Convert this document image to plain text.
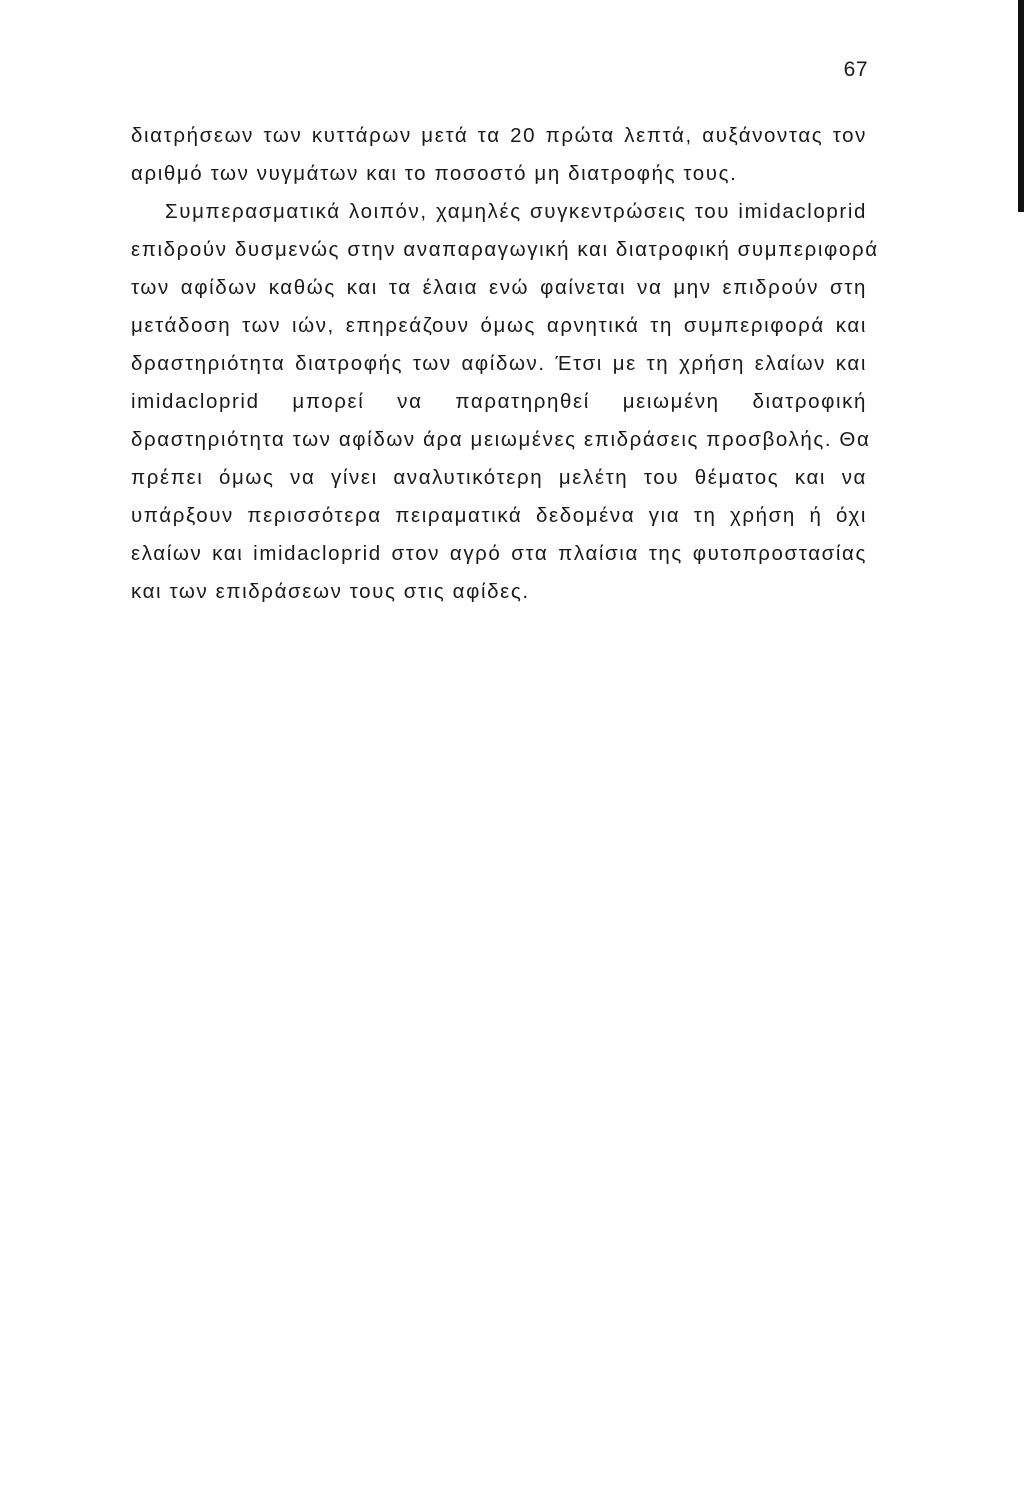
67
διατρήσεων των κυττάρων μετά τα 20 πρώτα λεπτά, αυξάνοντας τον
αριθμό των νυγμάτων και το ποσοστό μη διατροφής τους.
Συμπερασματικά λοιπόν, χαμηλές συγκεντρώσεις του imidacloprid
επιδρούν δυσμενώς στην αναπαραγωγική και διατροφική συμπεριφορά
των αφίδων καθώς και τα έλαια ενώ φαίνεται να μην επιδρούν στη
μετάδοση των ιών, επηρεάζουν όμως αρνητικά τη συμπεριφορά και
δραστηριότητα διατροφής των αφίδων. Έτσι με τη χρήση ελαίων και
imidacloprid μπορεί να παρατηρηθεί μειωμένη διατροφική
δραστηριότητα των αφίδων άρα μειωμένες επιδράσεις προσβολής. Θα
πρέπει όμως να γίνει αναλυτικότερη μελέτη του θέματος και να
υπάρξουν περισσότερα πειραματικά δεδομένα για τη χρήση ή όχι
ελαίων και imidacloprid στον αγρό στα πλαίσια της φυτοπροστασίας
και των επιδράσεων τους στις αφίδες.
